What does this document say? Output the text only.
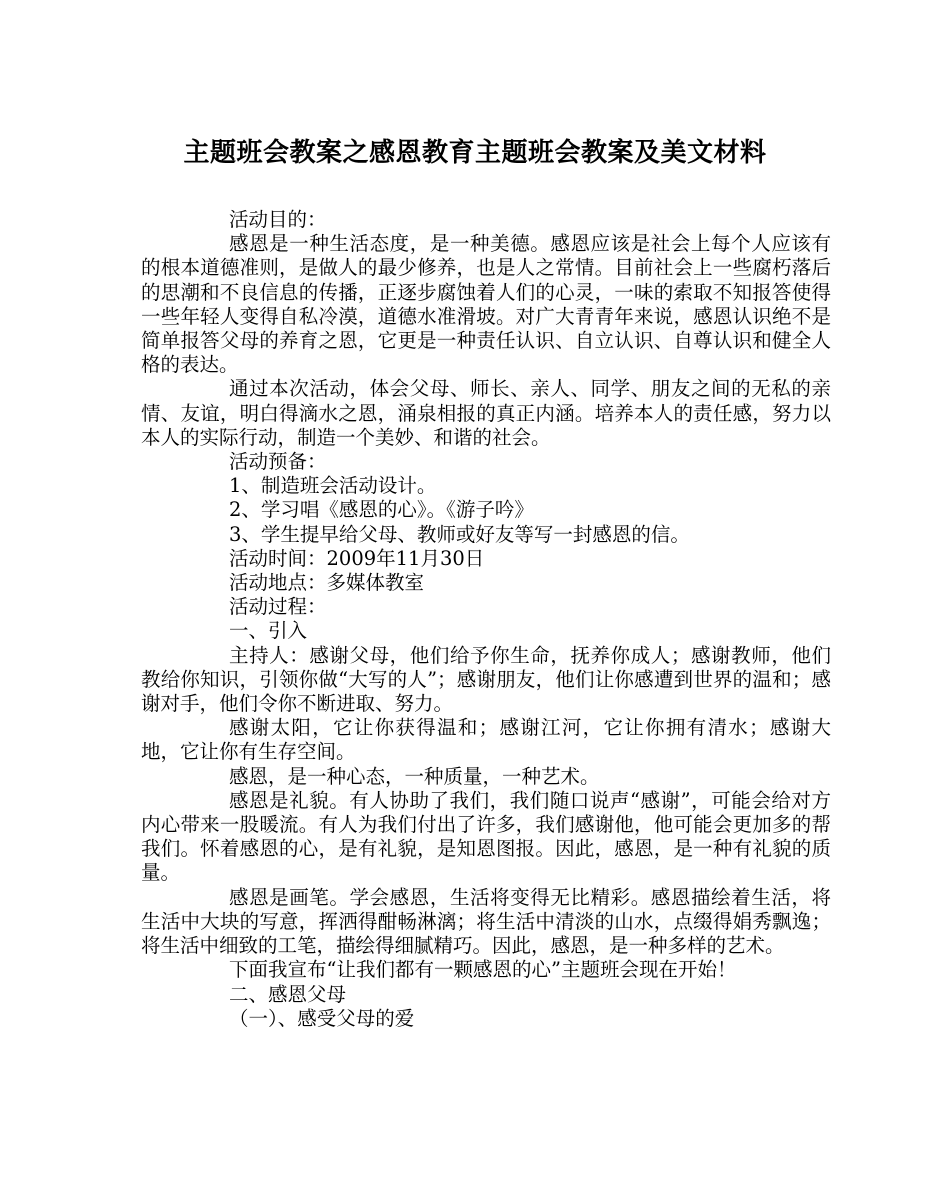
主题班会教案之感恩教育主题班会教案及美文材料

活动目的：

感恩是一种生活态度，是一种美德。感恩应该是社会上每个人应该有的根本道德准则，是做人的最少修养，也是人之常情。目前社会上一些腐朽落后的思潮和不良信息的传播，正逐步腐蚀着人们的心灵，一味的索取不知报答使得一些年轻人变得自私冷漠，道德水准滑坡。对广大青青年来说，感恩认识绝不是简单报答父母的养育之恩，它更是一种责任认识、自立认识、自尊认识和健全人格的表达。

通过本次活动，体会父母、师长、亲人、同学、朋友之间的无私的亲情、友谊，明白得滴水之恩，涌泉相报的真正内涵。培养本人的责任感，努力以本人的实际行动，制造一个美妙、和谐的社会。

活动预备：

1、制造班会活动设计。

2、学习唱《感恩的心》。《游子吟》

3、学生提早给父母、教师或好友等写一封感恩的信。

活动时间：2009年11月30日

活动地点：多媒体教室

活动过程：

一、引入

主持人：感谢父母，他们给予你生命，抚养你成人；感谢教师，他们教给你知识，引领你做“大写的人”；感谢朋友，他们让你感遭到世界的温和；感谢对手，他们令你不断进取、努力。

感谢太阳，它让你获得温和；感谢江河，它让你拥有清水；感谢大地，它让你有生存空间。

感恩，是一种心态，一种质量，一种艺术。

感恩是礼貌。有人协助了我们，我们随口说声“感谢”，可能会给对方内心带来一股暖流。有人为我们付出了许多，我们感谢他，他可能会更加多的帮我们。怀着感恩的心，是有礼貌，是知恩图报。因此，感恩，是一种有礼貌的质量。

感恩是画笔。学会感恩，生活将变得无比精彩。感恩描绘着生活，将生活中大块的写意，挥洒得酣畅淋漓；将生活中清淡的山水，点缀得娟秀飘逸；将生活中细致的工笔，描绘得细腻精巧。因此，感恩，是一种多样的艺术。

下面我宣布“让我们都有一颗感恩的心”主题班会现在开始！

二、感恩父母

（一）、感受父母的爱
